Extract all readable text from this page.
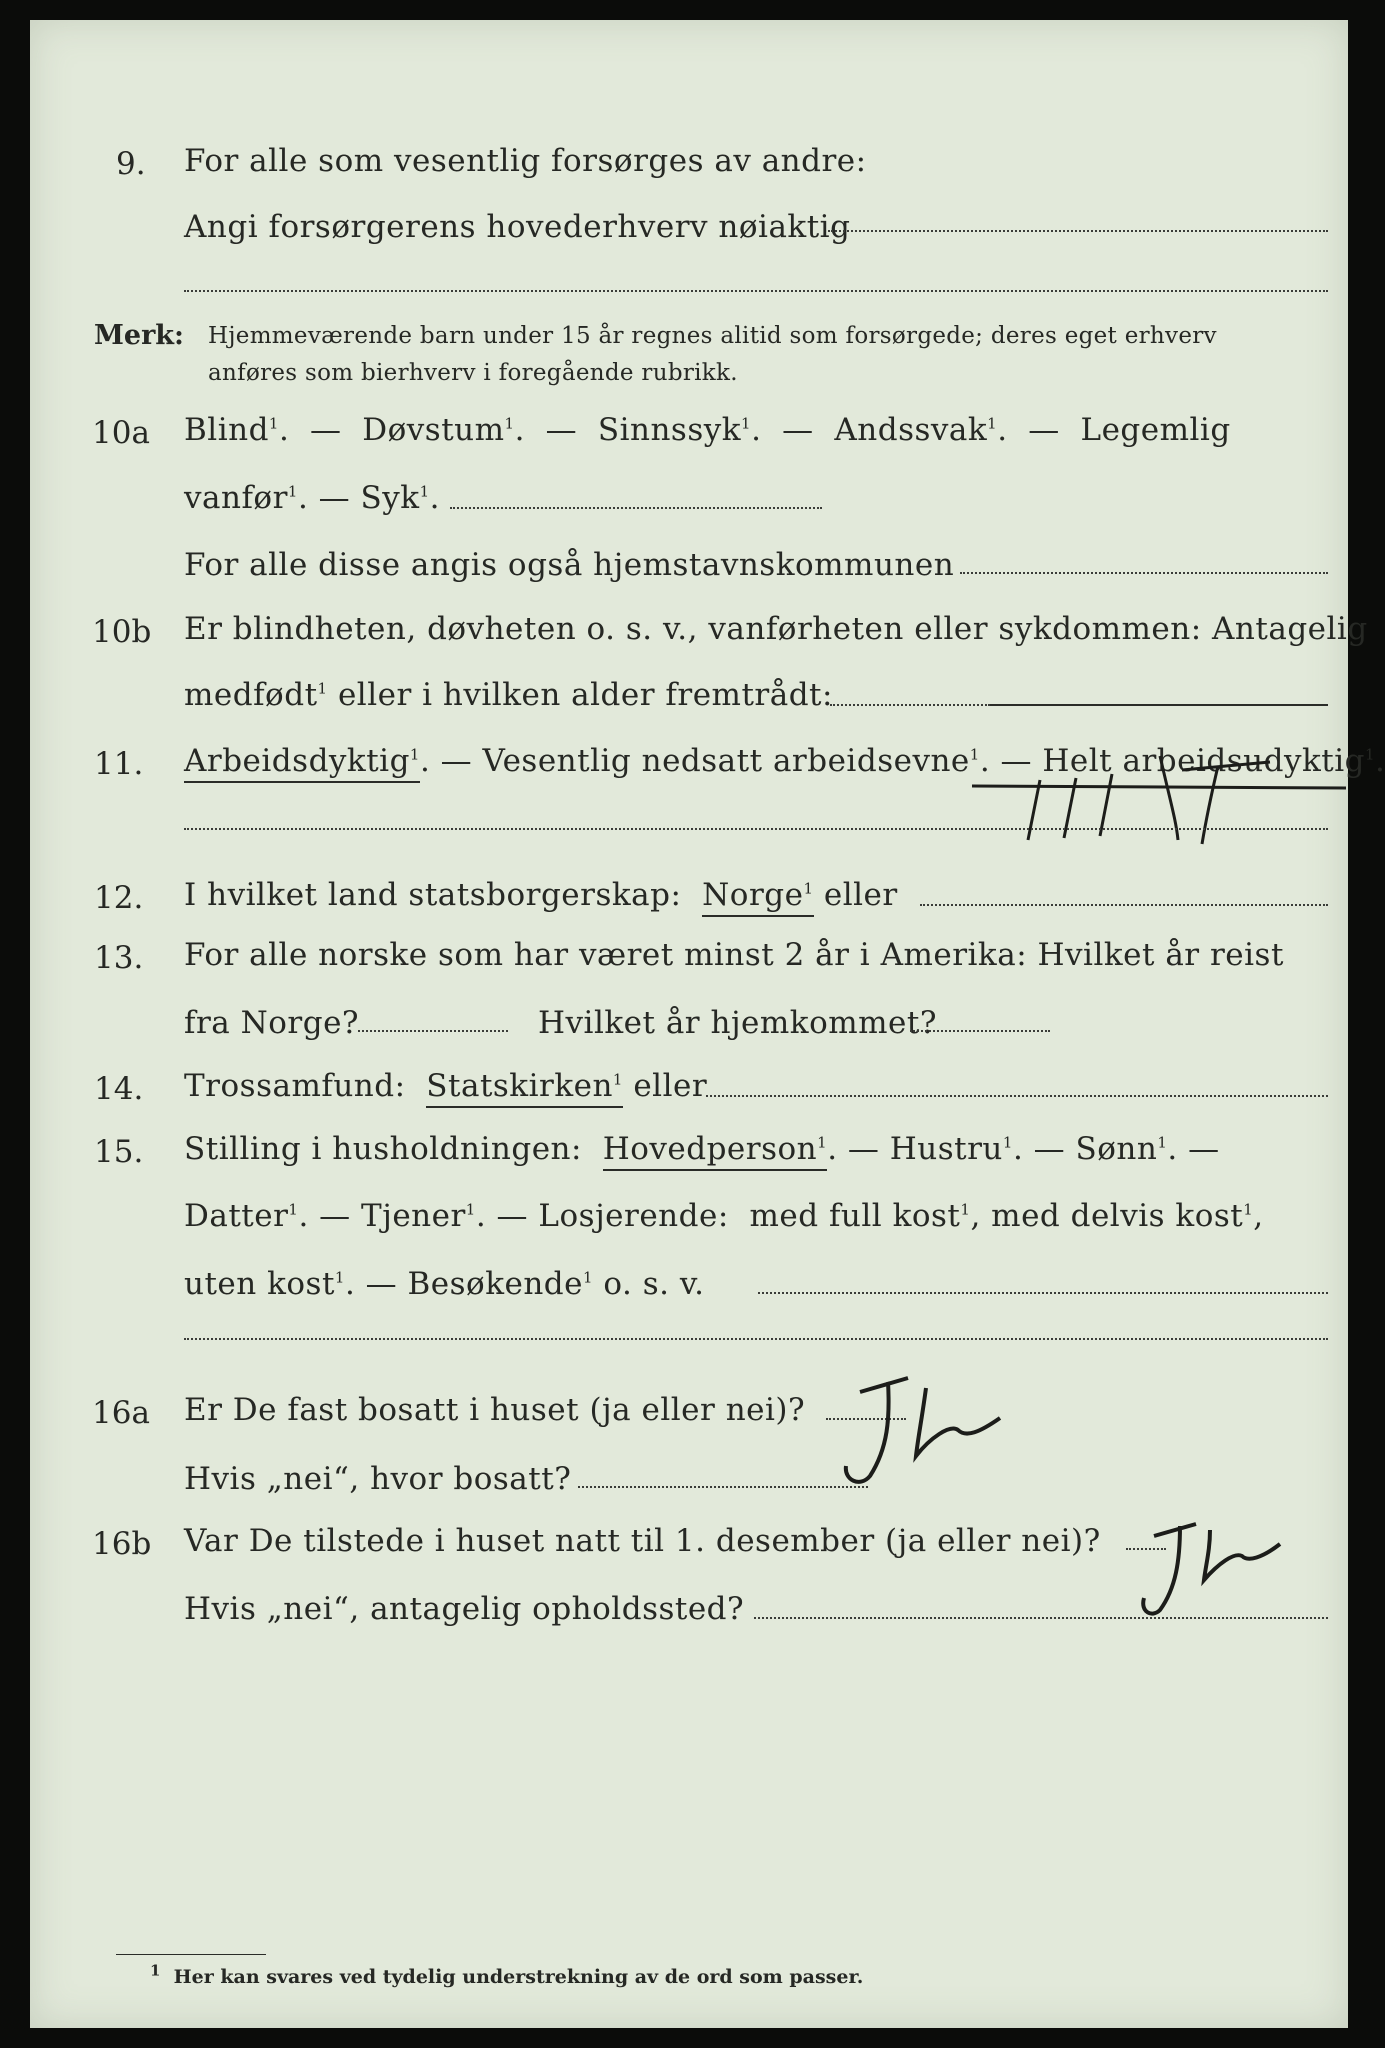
9. For alle som vesentlig forsørges av andre:
Angi forsørgerens hovederhverv nøiaktig
Merk: Hjemmeværende barn under 15 år regnes alitid som forsørgede; deres eget erhverv
anføres som bierhverv i foregående rubrikk.
10a Blind$^1$.  —  Døvstum$^1$.  —  Sinnssyk$^1$.  —  Andssvak$^1$.  —  Legemlig
vanfør$^1$. — Syk$^1$.
For alle disse angis også hjemstavnskommunen
10b Er blindheten, døvheten o. s. v., vanførheten eller sykdommen: Antagelig
medfødt$^1$ eller i hvilken alder fremtrådt:
11. Arbeidsdyktig$^1$. — Vesentlig nedsatt arbeidsevne$^1$. — Helt arbeidsudyktig$^1$.
12. I hvilket land statsborgerskap: Norge$^1$ eller
13. For alle norske som har været minst 2 år i Amerika: Hvilket år reist
fra Norge?	Hvilket år hjemkommet?
14. Trossamfund: Statskirken$^1$ eller
15. Stilling i husholdningen: Hovedperson$^1$. — Hustru$^1$. — Sønn$^1$. —
Datter$^1$. — Tjener$^1$. — Losjerende: med full kost$^1$, med delvis kost$^1$,
uten kost$^1$. — Besøkende$^1$ o. s. v.
16a Er De fast bosatt i huset (ja eller nei)?
Hvis „nei“, hvor bosatt?
16b Var De tilstede i huset natt til 1. desember (ja eller nei)?
Hvis „nei“, antagelig opholdssted?
$^1$ Her kan svares ved tydelig understrekning av de ord som passer.
